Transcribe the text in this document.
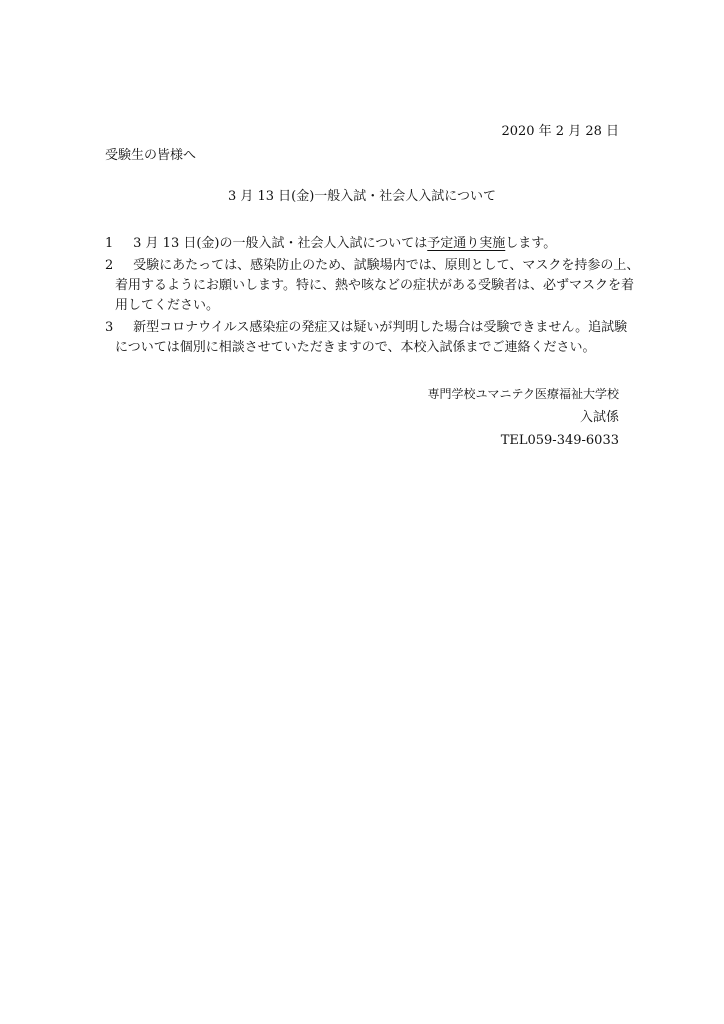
2020 年 2 月 28 日
受験生の皆様へ
3 月 13 日(金)一般入試・社会人入試について
1	3 月 13 日(金)の一般入試・社会人入試については予定通り実施します。
2	受験にあたっては、感染防止のため、試験場内では、原則として、マスクを持参の上、
着用するようにお願いします。特に、熱や咳などの症状がある受験者は、必ずマスクを着
用してください。
3	新型コロナウイルス感染症の発症又は疑いが判明した場合は受験できません。追試験
については個別に相談させていただきますので、本校入試係までご連絡ください。
専門学校ユマニテク医療福祉大学校
入試係
TEL059-349-6033
